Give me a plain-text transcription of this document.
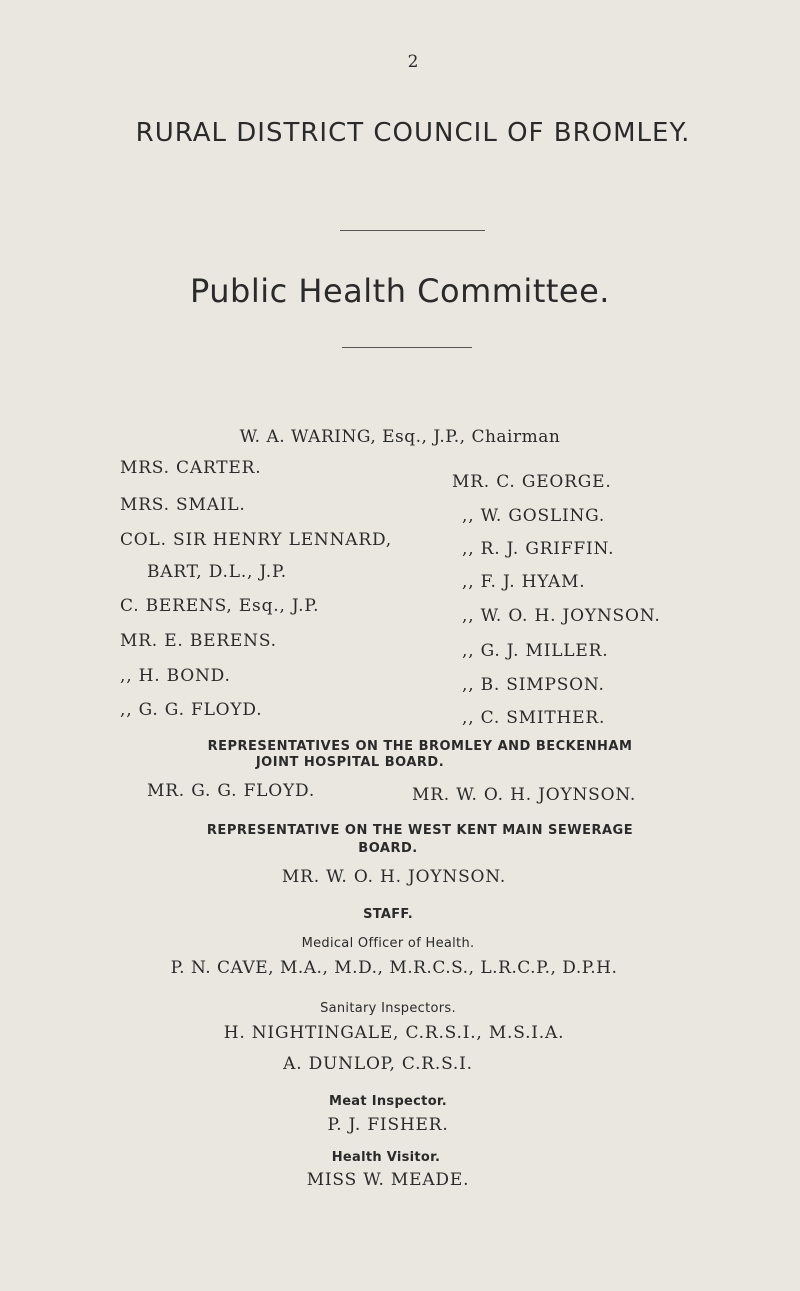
2
RURAL DISTRICT COUNCIL OF BROMLEY.
Public Health Committee.
W. A. WARING, Esq., J.P., Chairman
MRS. CARTER.
MRS. SMAIL.
COL. SIR HENRY LENNARD,
BART, D.L., J.P.
C. BERENS, Esq., J.P.
MR. E. BERENS.
,, H. BOND.
,, G. G. FLOYD.
MR. C. GEORGE.
,, W. GOSLING.
,, R. J. GRIFFIN.
,, F. J. HYAM.
,, W. O. H. JOYNSON.
,, G. J. MILLER.
,, B. SIMPSON.
,, C. SMITHER.
REPRESENTATIVES ON THE BROMLEY AND BECKENHAM
JOINT HOSPITAL BOARD.
MR. G. G. FLOYD.	MR. W. O. H. JOYNSON.
REPRESENTATIVE ON THE WEST KENT MAIN SEWERAGE
BOARD.
MR. W. O. H. JOYNSON.
STAFF.
Medical Officer of Health.
P. N. CAVE, M.A., M.D., M.R.C.S., L.R.C.P., D.P.H.
Sanitary Inspectors.
H. NIGHTINGALE, C.R.S.I., M.S.I.A.
A. DUNLOP, C.R.S.I.
Meat Inspector.
P. J. FISHER.
Health Visitor.
MISS W. MEADE.
